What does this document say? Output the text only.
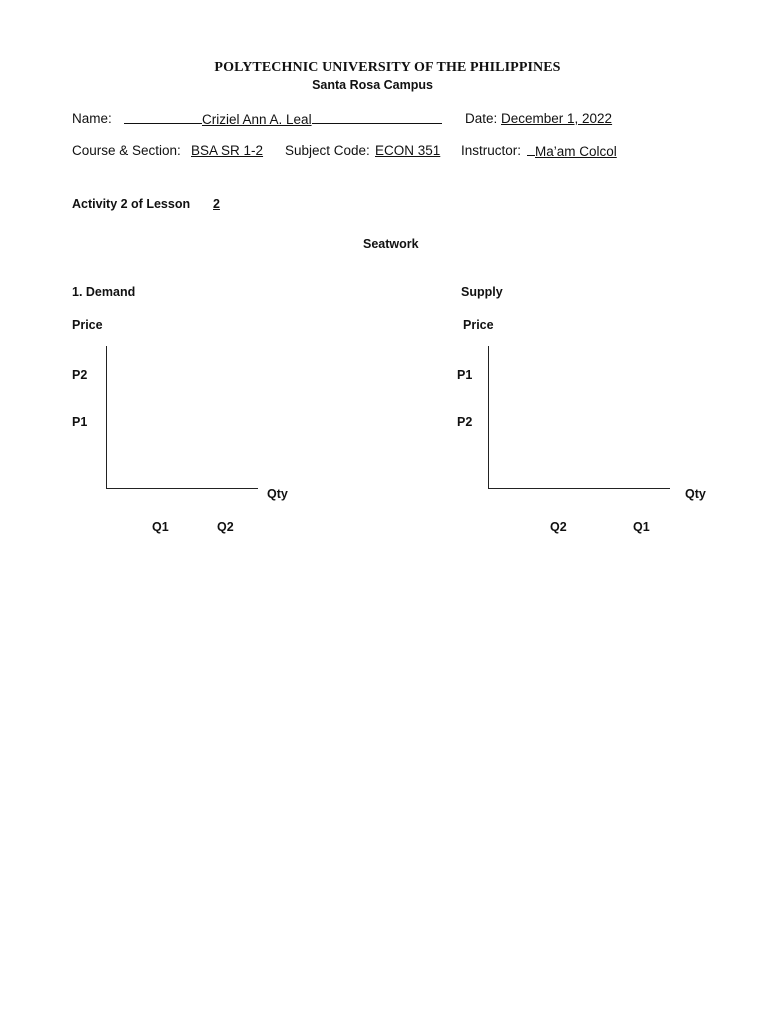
POLYTECHNIC UNIVERSITY OF THE PHILIPPINES
Santa Rosa Campus
Name:	Criziel Ann A. Leal	Date: December 1, 2022
Course & Section: BSA SR 1-2 Subject Code: ECON 351 Instructor:	Ma’am Colcol
Activity 2 of Lesson	2
Seatwork
1. Demand
Price
P2
P1
Qty
Q1	Q2
Supply
Price
P1
P2
Qty
Q2	Q1
